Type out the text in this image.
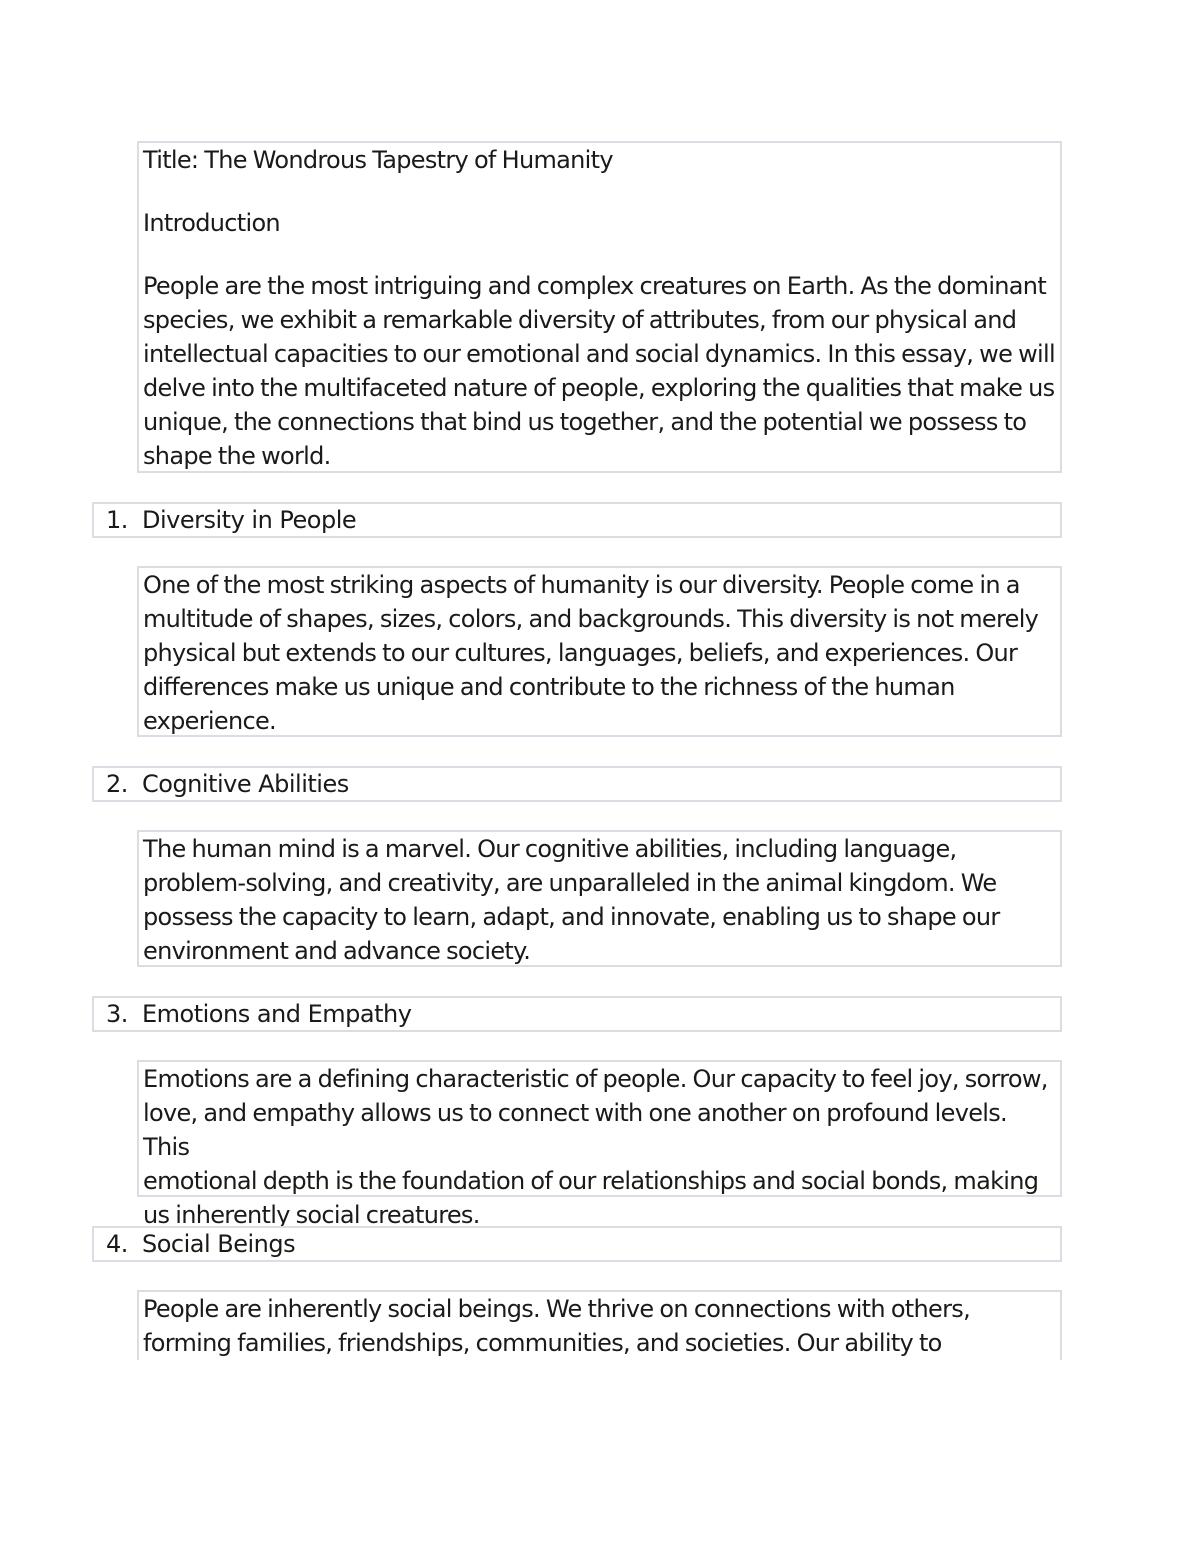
Title: The Wondrous Tapestry of Humanity

Introduction

People are the most intriguing and complex creatures on Earth. As the dominant

species, we exhibit a remarkable diversity of attributes, from our physical and

intellectual capacities to our emotional and social dynamics. In this essay, we will

delve into the multifaceted nature of people, exploring the qualities that make us

unique, the connections that bind us together, and the potential we possess to

shape the world.

1. Diversity in People

One of the most striking aspects of humanity is our diversity. People come in a

multitude of shapes, sizes, colors, and backgrounds. This diversity is not merely

physical but extends to our cultures, languages, beliefs, and experiences. Our

differences make us unique and contribute to the richness of the human

experience.

2. Cognitive Abilities

The human mind is a marvel. Our cognitive abilities, including language,

problem-solving, and creativity, are unparalleled in the animal kingdom. We

possess the capacity to learn, adapt, and innovate, enabling us to shape our

environment and advance society.

3. Emotions and Empathy

Emotions are a defining characteristic of people. Our capacity to feel joy, sorrow,

love, and empathy allows us to connect with one another on profound levels. This

emotional depth is the foundation of our relationships and social bonds, making

us inherently social creatures.

4. Social Beings

People are inherently social beings. We thrive on connections with others,

forming families, friendships, communities, and societies. Our ability to
